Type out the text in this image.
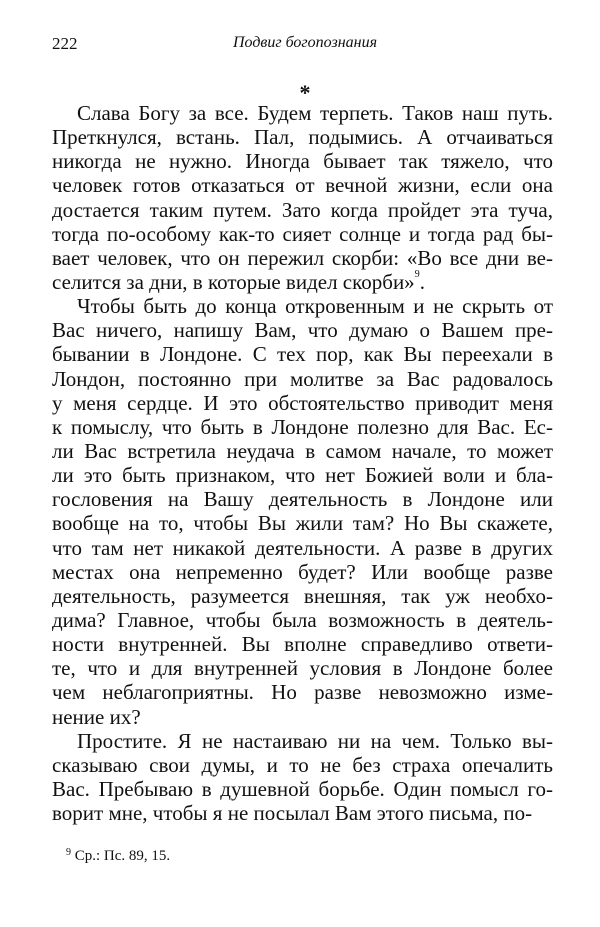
222	Подвиг богопознания
*
Слава Богу за все. Будем терпеть. Таков наш путь.
Преткнулся, встань. Пал, подымись. А отчаиваться
никогда не нужно. Иногда бывает так тяжело, что
человек готов отказаться от вечной жизни, если она
достается таким путем. Зато когда пройдет эта туча,
тогда по-особому как-то сияет солнце и тогда рад бы-
вает человек, что он пережил скорби: «Во все дни ве-
селится за дни, в которые видел скорби»$^9$.
Чтобы быть до конца откровенным и не скрыть от
Вас ничего, напишу Вам, что думаю о Вашем пре-
бывании в Лондоне. С тех пор, как Вы переехали в
Лондон, постоянно при молитве за Вас радовалось
у меня сердце. И это обстоятельство приводит меня
к помыслу, что быть в Лондоне полезно для Вас. Ес-
ли Вас встретила неудача в самом начале, то может
ли это быть признаком, что нет Божией воли и бла-
гословения на Вашу деятельность в Лондоне или
вообще на то, чтобы Вы жили там? Но Вы скажете,
что там нет никакой деятельности. А разве в других
местах она непременно будет? Или вообще разве
деятельность, разумеется внешняя, так уж необхо-
дима? Главное, чтобы была возможность в деятель-
ности внутренней. Вы вполне справедливо ответи-
те, что и для внутренней условия в Лондоне более
чем неблагоприятны. Но разве невозможно изме-
нение их?
Простите. Я не настаиваю ни на чем. Только вы-
сказываю свои думы, и то не без страха опечалить
Вас. Пребываю в душевной борьбе. Один помысл го-
ворит мне, чтобы я не посылал Вам этого письма, по-
$^9$ Ср.: Пс. 89, 15.
